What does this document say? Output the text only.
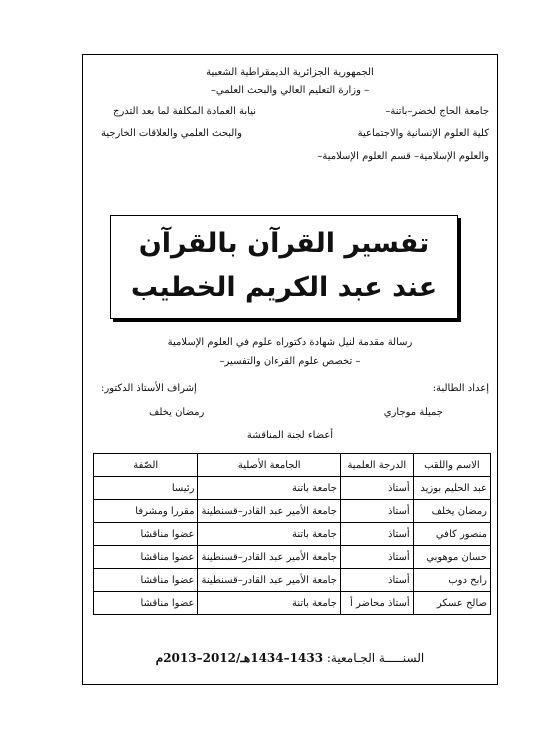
الجمهورية الجزائرية الديمقراطية الشعبية
– وزارة التعليم العالي والبحث العلمي–
جامعة الحاج لخضر–باتنة–
نيابة العمادة المكلفة لما بعد التدرج
كلية العلوم الإنسانية والاجتماعية
والبحث العلمي والعلاقات الخارجية
والعلوم الإسلامية– قسم العلوم الإسلامية–
تفسير القرآن بالقرآن
عند عبد الكريم الخطيب
رسالة مقدمة لنيل شهادة دكتوراه علوم في العلوم الإسلامية
– تخصص علوم القرءان والتفسير–
إعداد الطالبة:
إشراف الأستاذ الدكتور:
جميلة موجاري
رمضان يخلف
أعضاء لجنة المناقشة
الاسم واللقب	الدرجة العلمية	الجامعة الأصلية	الصّفة
عبد الحليم بوزيد	أستاذ	جامعة باتنة	رئيسا
رمضان يخلف	أستاذ	جامعة الأمير عبد القادر–قسنطينة	مقررا ومشرفا
منصور كافي	أستاذ	جامعة باتنة	عضوا مناقشا
حسان موهوبي	أستاذ	جامعة الأمير عبد القادر–قسنطينة	عضوا مناقشا
رابح دوب	أستاذ	جامعة الأمير عبد القادر–قسنطينة	عضوا مناقشا
صالح عسكر	أستاذ محاضر أ	جامعة باتنة	عضوا مناقشا
السنـــــة الجـامعية: 1433–1434هـ/2012–2013م
